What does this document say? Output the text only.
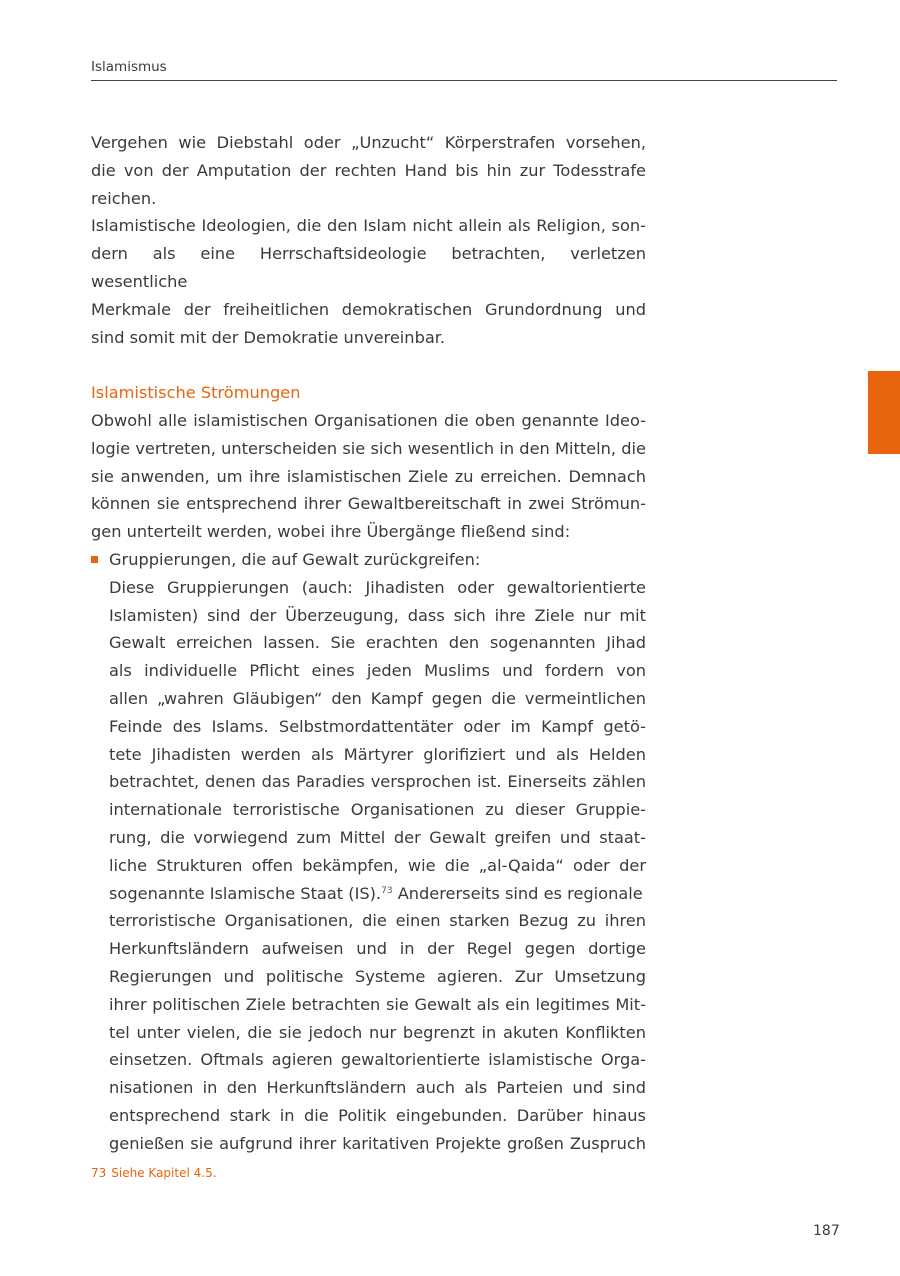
Islamismus
Vergehen wie Diebstahl oder „Unzucht“ Körperstrafen vorsehen,
die von der Amputation der rechten Hand bis hin zur Todesstrafe
reichen.
Islamistische Ideologien, die den Islam nicht allein als Religion, son-
dern als eine Herrschaftsideologie betrachten, verletzen wesentliche
Merkmale der freiheitlichen demokratischen Grundordnung und
sind somit mit der Demokratie unvereinbar.
Islamistische Strömungen
Obwohl alle islamistischen Organisationen die oben genannte Ideo-
logie vertreten, unterscheiden sie sich wesentlich in den Mitteln, die
sie anwenden, um ihre islamistischen Ziele zu erreichen. Demnach
können sie entsprechend ihrer Gewaltbereitschaft in zwei Strömun-
gen unterteilt werden, wobei ihre Übergänge fließend sind:
Gruppierungen, die auf Gewalt zurückgreifen:
Diese Gruppierungen (auch: Jihadisten oder gewaltorientierte
Islamisten) sind der Überzeugung, dass sich ihre Ziele nur mit
Gewalt erreichen lassen. Sie erachten den sogenannten Jihad
als individuelle Pflicht eines jeden Muslims und fordern von
allen „wahren Gläubigen“ den Kampf gegen die vermeintlichen
Feinde des Islams. Selbstmordattentäter oder im Kampf getö-
tete Jihadisten werden als Märtyrer glorifiziert und als Helden
betrachtet, denen das Paradies versprochen ist. Einerseits zählen
internationale terroristische Organisationen zu dieser Gruppie-
rung, die vorwiegend zum Mittel der Gewalt greifen und staat-
liche Strukturen offen bekämpfen, wie die „al-Qaida“ oder der
sogenannte Islamische Staat (IS).$^{73}$ Andererseits sind es regionale
terroristische Organisationen, die einen starken Bezug zu ihren
Herkunftsländern aufweisen und in der Regel gegen dortige
Regierungen und politische Systeme agieren. Zur Umsetzung
ihrer politischen Ziele betrachten sie Gewalt als ein legitimes Mit-
tel unter vielen, die sie jedoch nur begrenzt in akuten Konflikten
einsetzen. Oftmals agieren gewaltorientierte islamistische Orga-
nisationen in den Herkunftsländern auch als Parteien und sind
entsprechend stark in die Politik eingebunden. Darüber hinaus
genießen sie aufgrund ihrer karitativen Projekte großen Zuspruch
73 Siehe Kapitel 4.5.
187
